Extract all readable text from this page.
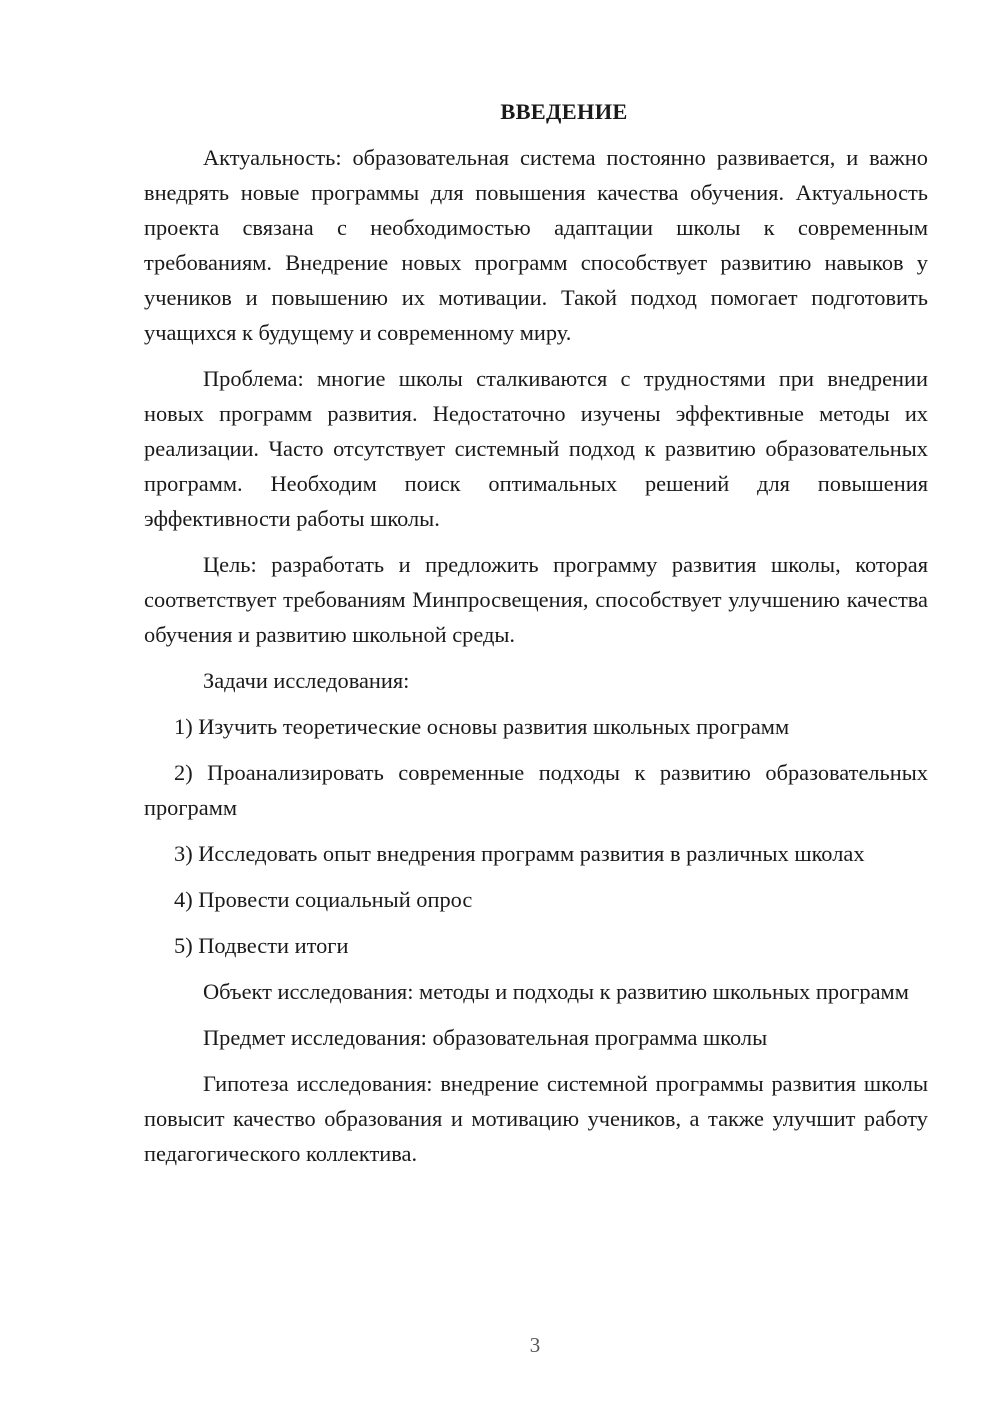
ВВЕДЕНИЕ

Актуальность: образовательная система постоянно развивается, и важно внедрять новые программы для повышения качества обучения. Актуальность проекта связана с необходимостью адаптации школы к современным требованиям. Внедрение новых программ способствует развитию навыков у учеников и повышению их мотивации. Такой подход помогает подготовить учащихся к будущему и современному миру.

Проблема: многие школы сталкиваются с трудностями при внедрении новых программ развития. Недостаточно изучены эффективные методы их реализации. Часто отсутствует системный подход к развитию образовательных программ. Необходим поиск оптимальных решений для повышения эффективности работы школы.

Цель: разработать и предложить программу развития школы, которая соответствует требованиям Минпросвещения, способствует улучшению качества обучения и развитию школьной среды.

Задачи исследования:

1) Изучить теоретические основы развития школьных программ

2) Проанализировать современные подходы к развитию образовательных программ

3) Исследовать опыт внедрения программ развития в различных школах

4) Провести социальный опрос

5) Подвести итоги

Объект исследования: методы и подходы к развитию школьных программ

Предмет исследования: образовательная программа школы

Гипотеза исследования: внедрение системной программы развития школы повысит качество образования и мотивацию учеников, а также улучшит работу педагогического коллектива.

3
